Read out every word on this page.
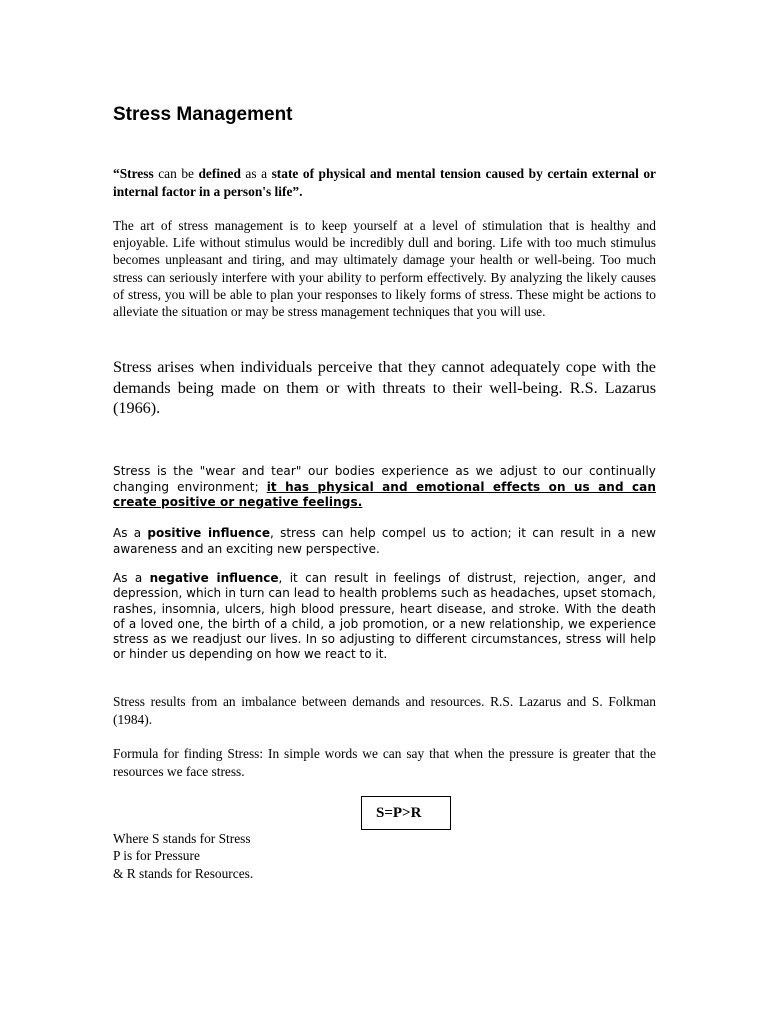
Stress Management

“Stress can be defined as a state of physical and mental tension caused by certain external or internal factor in a person's life”.

The art of stress management is to keep yourself at a level of stimulation that is healthy and enjoyable. Life without stimulus would be incredibly dull and boring. Life with too much stimulus becomes unpleasant and tiring, and may ultimately damage your health or well-being. Too much stress can seriously interfere with your ability to perform effectively. By analyzing the likely causes of stress, you will be able to plan your responses to likely forms of stress. These might be actions to alleviate the situation or may be stress management techniques that you will use.

Stress arises when individuals perceive that they cannot adequately cope with the demands being made on them or with threats to their well-being. R.S. Lazarus (1966).

Stress is the "wear and tear" our bodies experience as we adjust to our continually changing environment; it has physical and emotional effects on us and can create positive or negative feelings.

As a positive influence, stress can help compel us to action; it can result in a new awareness and an exciting new perspective.

As a negative influence, it can result in feelings of distrust, rejection, anger, and depression, which in turn can lead to health problems such as headaches, upset stomach, rashes, insomnia, ulcers, high blood pressure, heart disease, and stroke. With the death of a loved one, the birth of a child, a job promotion, or a new relationship, we experience stress as we readjust our lives. In so adjusting to different circumstances, stress will help or hinder us depending on how we react to it.

Stress results from an imbalance between demands and resources. R.S. Lazarus and S. Folkman (1984).

Formula for finding Stress: In simple words we can say that when the pressure is greater that the resources we face stress.

S=P>R
Where S stands for Stress
P is for Pressure
& R stands for Resources.
